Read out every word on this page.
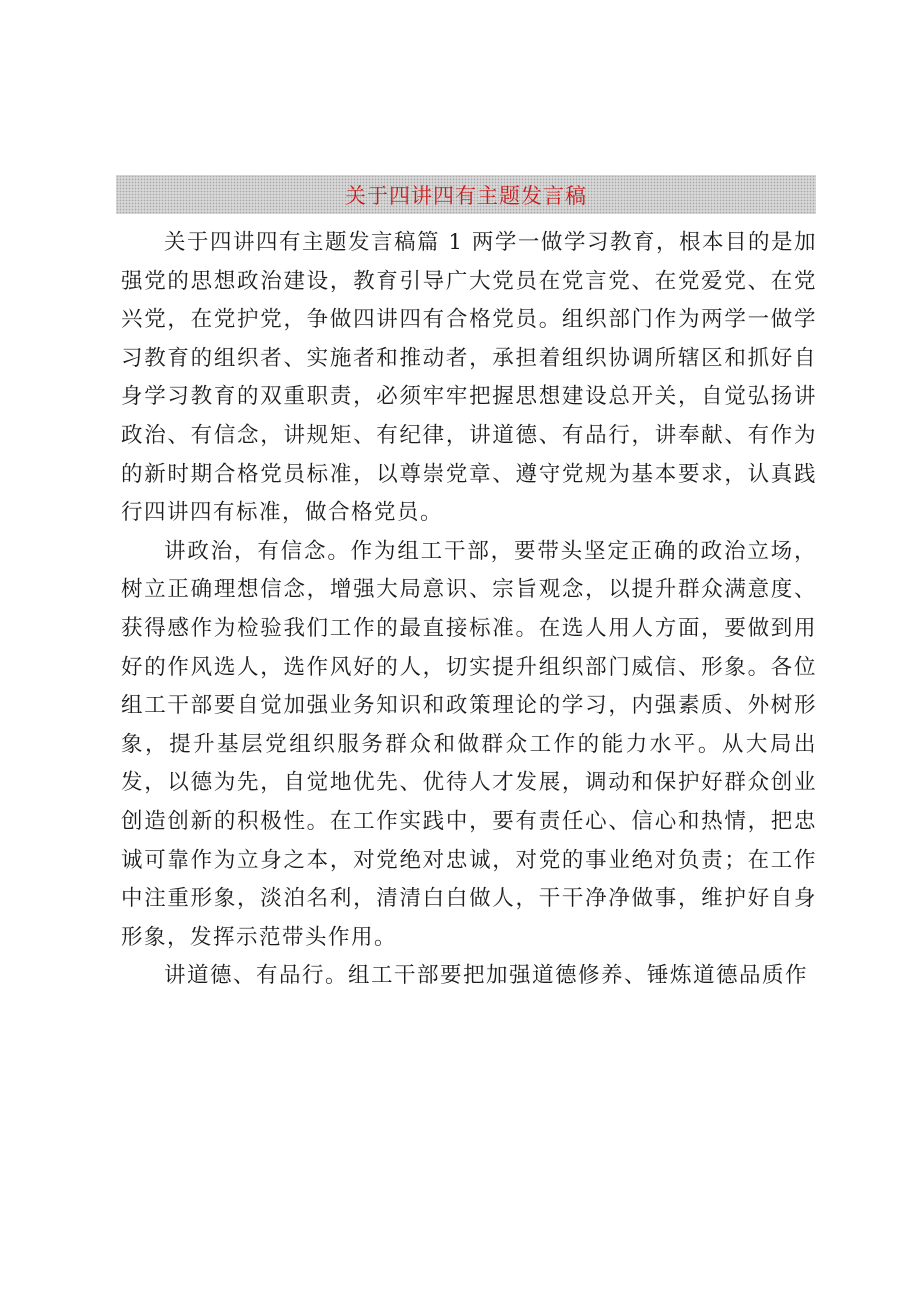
关于四讲四有主题发言稿

关于四讲四有主题发言稿篇 1 两学一做学习教育，根本目的是加强党的思想政治建设，教育引导广大党员在党言党、在党爱党、在党兴党，在党护党，争做四讲四有合格党员。组织部门作为两学一做学习教育的组织者、实施者和推动者，承担着组织协调所辖区和抓好自身学习教育的双重职责，必须牢牢把握思想建设总开关，自觉弘扬讲政治、有信念，讲规矩、有纪律，讲道德、有品行，讲奉献、有作为的新时期合格党员标准，以尊崇党章、遵守党规为基本要求，认真践行四讲四有标准，做合格党员。

讲政治，有信念。作为组工干部，要带头坚定正确的政治立场，树立正确理想信念，增强大局意识、宗旨观念，以提升群众满意度、获得感作为检验我们工作的最直接标准。在选人用人方面，要做到用好的作风选人，选作风好的人，切实提升组织部门威信、形象。各位组工干部要自觉加强业务知识和政策理论的学习，内强素质、外树形象，提升基层党组织服务群众和做群众工作的能力水平。从大局出发，以德为先，自觉地优先、优待人才发展，调动和保护好群众创业创造创新的积极性。在工作实践中，要有责任心、信心和热情，把忠诚可靠作为立身之本，对党绝对忠诚，对党的事业绝对负责；在工作中注重形象，淡泊名利，清清白白做人，干干净净做事，维护好自身形象，发挥示范带头作用。

讲道德、有品行。组工干部要把加强道德修养、锤炼道德品质作
